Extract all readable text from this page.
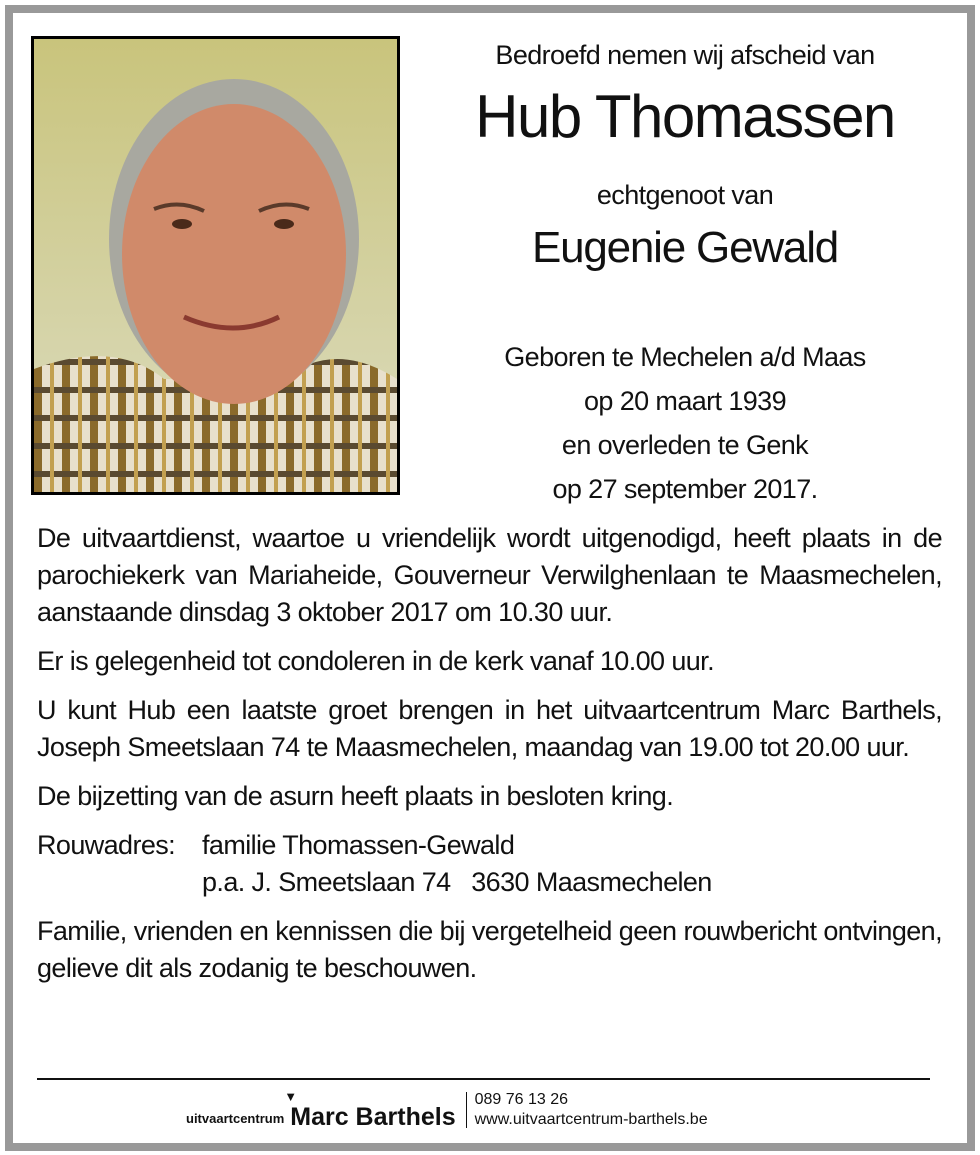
Bedroefd nemen wij afscheid van
Hub Thomassen
echtgenoot van
Eugenie Gewald
Geboren te Mechelen a/d Maas
op 20 maart 1939
en overleden te Genk
op 27 september 2017.

De uitvaartdienst, waartoe u vriendelijk wordt uitgenodigd, heeft plaats in de parochiekerk van Mariaheide, Gouverneur Verwilghenlaan te Maasmechelen, aanstaande dinsdag 3 oktober 2017 om 10.30 uur.

Er is gelegenheid tot condoleren in de kerk vanaf 10.00 uur.

U kunt Hub een laatste groet brengen in het uitvaartcentrum Marc Barthels, Joseph Smeetslaan 74 te Maasmechelen, maandag van 19.00 tot 20.00 uur.

De bijzetting van de asurn heeft plaats in besloten kring.

Rouwadres: familie Thomassen-Gewald
p.a. J. Smeetslaan 74   3630 Maasmechelen

Familie, vrienden en kennissen die bij vergetelheid geen rouwbericht ontvingen, gelieve dit als zodanig te beschouwen.

uitvaartcentrum
▼
Marc Barthels
089 76 13 26
www.uitvaartcentrum-barthels.be
